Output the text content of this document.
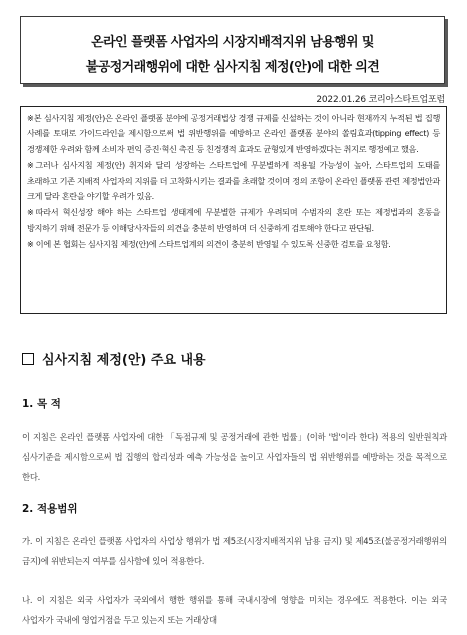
온라인 플랫폼 사업자의 시장지배적지위 남용행위 및
불공정거래행위에 대한 심사지침 제정(안)에 대한 의견
2022.01.26 코리아스타트업포럼

※본 심사지침 제정(안)은 온라인 플랫폼 분야에 공정거래법상 경쟁 규제를 신설하는 것이 아니라 현재까지 누적된 법 집행 사례를 토대로 가이드라인을 제시함으로써 법 위반행위를 예방하고 온라인 플랫폼 분야의 쏠림효과(tipping effect) 등 경쟁제한 우려와 함께 소비자 편익 증진·혁신 촉진 등 친경쟁적 효과도 균형있게 반영하겠다는 취지로 행정예고 했음.

※그러나 심사지침 제정(안) 취지와 달리 성장하는 스타트업에 무분별하게 적용될 가능성이 높아, 스타트업의 도태를 초래하고 기존 지배적 사업자의 지위를 더 고착화시키는 결과를 초래할 것이며 정의 조항이 온라인 플랫폼 관련 제정법안과 크게 달라 혼란을 야기할 우려가 있음.

※따라서 혁신성장 해야 하는 스타트업 생태계에 무분별한 규제가 우려되며 수범자의 혼란 또는 제정법과의 혼동을 방지하기 위해 전문가 등 이해당사자들의 의견을 충분히 반영하며 더 신중하게 검토해야 한다고 판단됨.

※ 이에 본 협회는 심사지침 제정(안)에 스타트업계의 의견이 충분히 반영될 수 있도록 신중한 검토를 요청함.

심사지침 제정(안) 주요 내용
1. 목 적

이 지침은 온라인 플랫폼 사업자에 대한 「독점규제 및 공정거래에 관한 법률」(이하 '법'이라 한다) 적용의 일반원칙과 심사기준을 제시함으로써 법 집행의 합리성과 예측 가능성을 높이고 사업자들의 법 위반행위를 예방하는 것을 목적으로 한다.

2. 적용범위

가. 이 지침은 온라인 플랫폼 사업자의 사업상 행위가 법 제5조(시장지배적지위 남용 금지) 및 제45조(불공정거래행위의 금지)에 위반되는지 여부를 심사함에 있어 적용한다.

나. 이 지침은 외국 사업자가 국외에서 행한 행위를 통해 국내시장에 영향을 미치는 경우에도 적용한다. 이는 외국 사업자가 국내에 영업거점을 두고 있는지 또는 거래상대
